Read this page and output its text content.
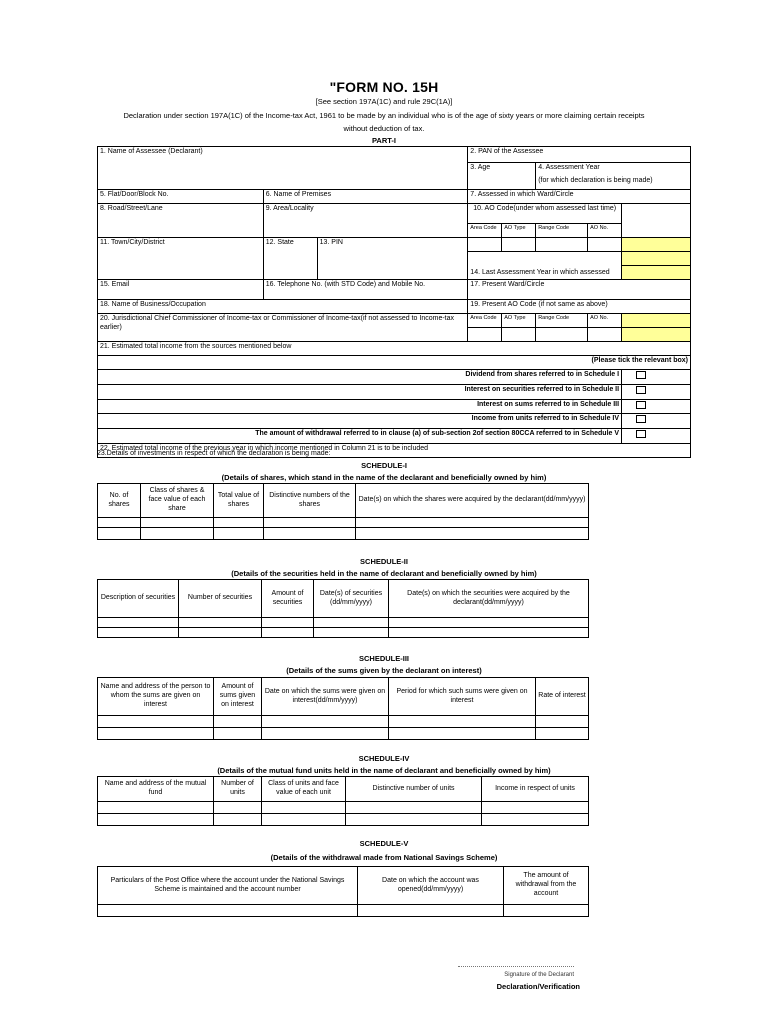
"FORM NO. 15H
[See section 197A(1C) and rule 29C(1A)]
Declaration under section 197A(1C) of the Income-tax Act, 1961 to be made by an individual who is of the age of sixty years or more claiming certain receipts
without deduction of tax.
PART-I
1. Name of Assessee (Declarant)			2. PAN of the Assessee				
			3. Age		4. Assessment Year		
					(for which declaration is being made)		
5. Flat/Door/Block No.	6. Name of Premises		7. Assessed in which Ward/Circle				
8. Road/Street/Lane	9. Area/Locality		10. AO Code(under whom assessed last time)				
			Area Code	AO Type	Range Code	AO No.	
11. Town/City/District	12. State	13. PIN					
			14. Last Assessment Year in which assessed				

15. Email	16. Telephone No. (with STD Code) and Mobile No.		17. Present Ward/Circle				
18. Name of Business/Occupation			19. Present AO Code (if not same as above)				
20. Jurisdictional Chief Commissioner of Income-tax or Commissioner of Income-tax(if not assessed to Income-tax earlier)			Area Code	AO Type	Range Code	AO No.	

21. Estimated total income from the sources mentioned below							
(Please tick the relevant box)							
Dividend from shares referred to in Schedule I							
Interest on securities referred to in Schedule II							
Interest on sums referred to in Schedule III							
Income from units referred to in Schedule IV							
The amount of withdrawal referred to in clause (a) of sub-section 2of section 80CCA referred to in Schedule V							
22. Estimated total income of the previous year in which income mentioned in Column 21 is to be included							
23.Details of investments in respect of which the declaration is being made:
SCHEDULE-I
(Details of shares, which stand in the name of the declarant and beneficially owned by him)
No. of shares	Class of shares & face value of each share	Total value of shares	Distinctive numbers of the shares	Date(s) on which the shares were acquired by the declarant(dd/mm/yyyy)

SCHEDULE-II
(Details of the securities held in the name of declarant and beneficially owned by him)
Description of securities	Number of securities	Amount of securities	Date(s) of securities (dd/mm/yyyy)	Date(s) on which the securities were acquired by the declarant(dd/mm/yyyy)

SCHEDULE-III
(Details of the sums given by the declarant on interest)
Name and address of the person to whom the sums are given on interest	Amount of sums given on interest	Date on which the sums were given on interest(dd/mm/yyyy)	Period for which such sums were given on interest	Rate of interest

SCHEDULE-IV
(Details of the mutual fund units held in the name of declarant and beneficially owned by him)
Name and address of the mutual fund	Number of units	Class of units and face value of each unit	Distinctive number of units	Income in respect of units

SCHEDULE-V
(Details of the withdrawal made from National Savings Scheme)
Particulars of the Post Office where the account under the National Savings Scheme is maintained and the account number	Date on which the account was opened(dd/mm/yyyy)	The amount of withdrawal from the account

Signature of the Declarant
Declaration/Verification
